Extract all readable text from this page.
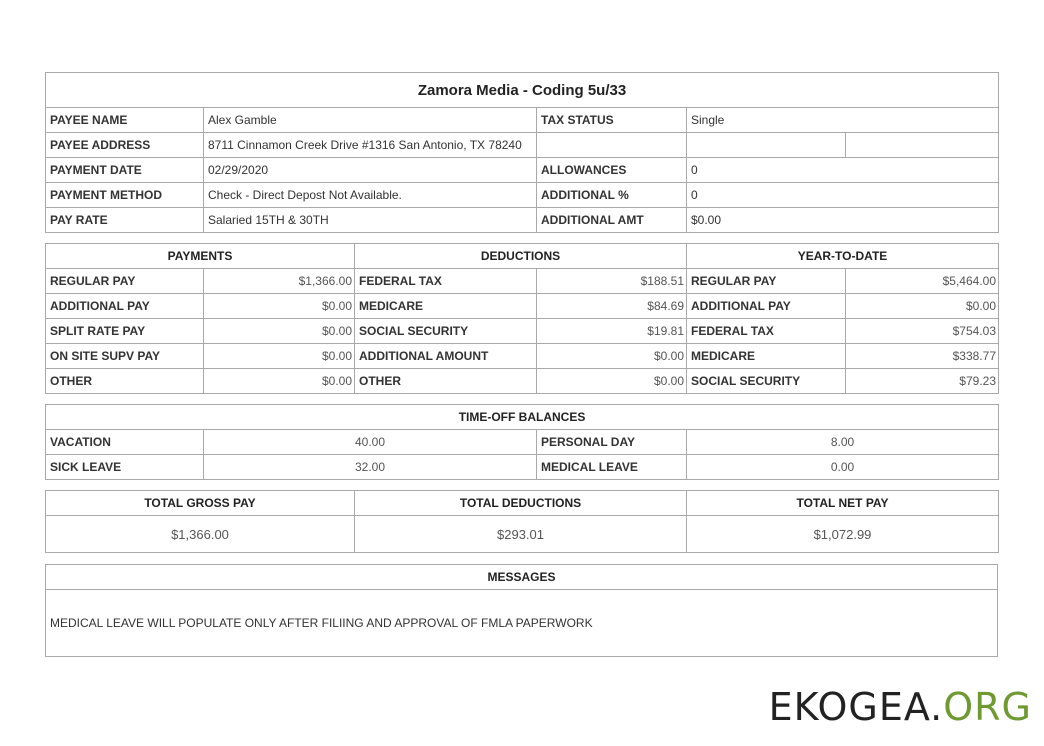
Zamora Media - Coding 5u/33				
PAYEE NAME	Alex Gamble	TAX STATUS	Single	
PAYEE ADDRESS	8711 Cinnamon Creek Drive #1316 San Antonio, TX 78240			
PAYMENT DATE	02/29/2020	ALLOWANCES	0	
PAYMENT METHOD	Check - Direct Depost Not Available.	ADDITIONAL %	0	
PAY RATE	Salaried 15TH & 30TH	ADDITIONAL AMT	$0.00	
PAYMENTS		DEDUCTIONS		YEAR-TO-DATE	
REGULAR PAY	$1,366.00	FEDERAL TAX	$188.51	REGULAR PAY	$5,464.00
ADDITIONAL PAY	$0.00	MEDICARE	$84.69	ADDITIONAL PAY	$0.00
SPLIT RATE PAY	$0.00	SOCIAL SECURITY	$19.81	FEDERAL TAX	$754.03
ON SITE SUPV PAY	$0.00	ADDITIONAL AMOUNT	$0.00	MEDICARE	$338.77
OTHER	$0.00	OTHER	$0.00	SOCIAL SECURITY	$79.23
TIME-OFF BALANCES			
VACATION	40.00	PERSONAL DAY	8.00
SICK LEAVE	32.00	MEDICAL LEAVE	0.00
TOTAL GROSS PAY	TOTAL DEDUCTIONS	TOTAL NET PAY
$1,366.00	$293.01	$1,072.99
MESSAGES
MEDICAL LEAVE WILL POPULATE ONLY AFTER FILIING AND APPROVAL OF FMLA PAPERWORK
EKOGEA.ORG
